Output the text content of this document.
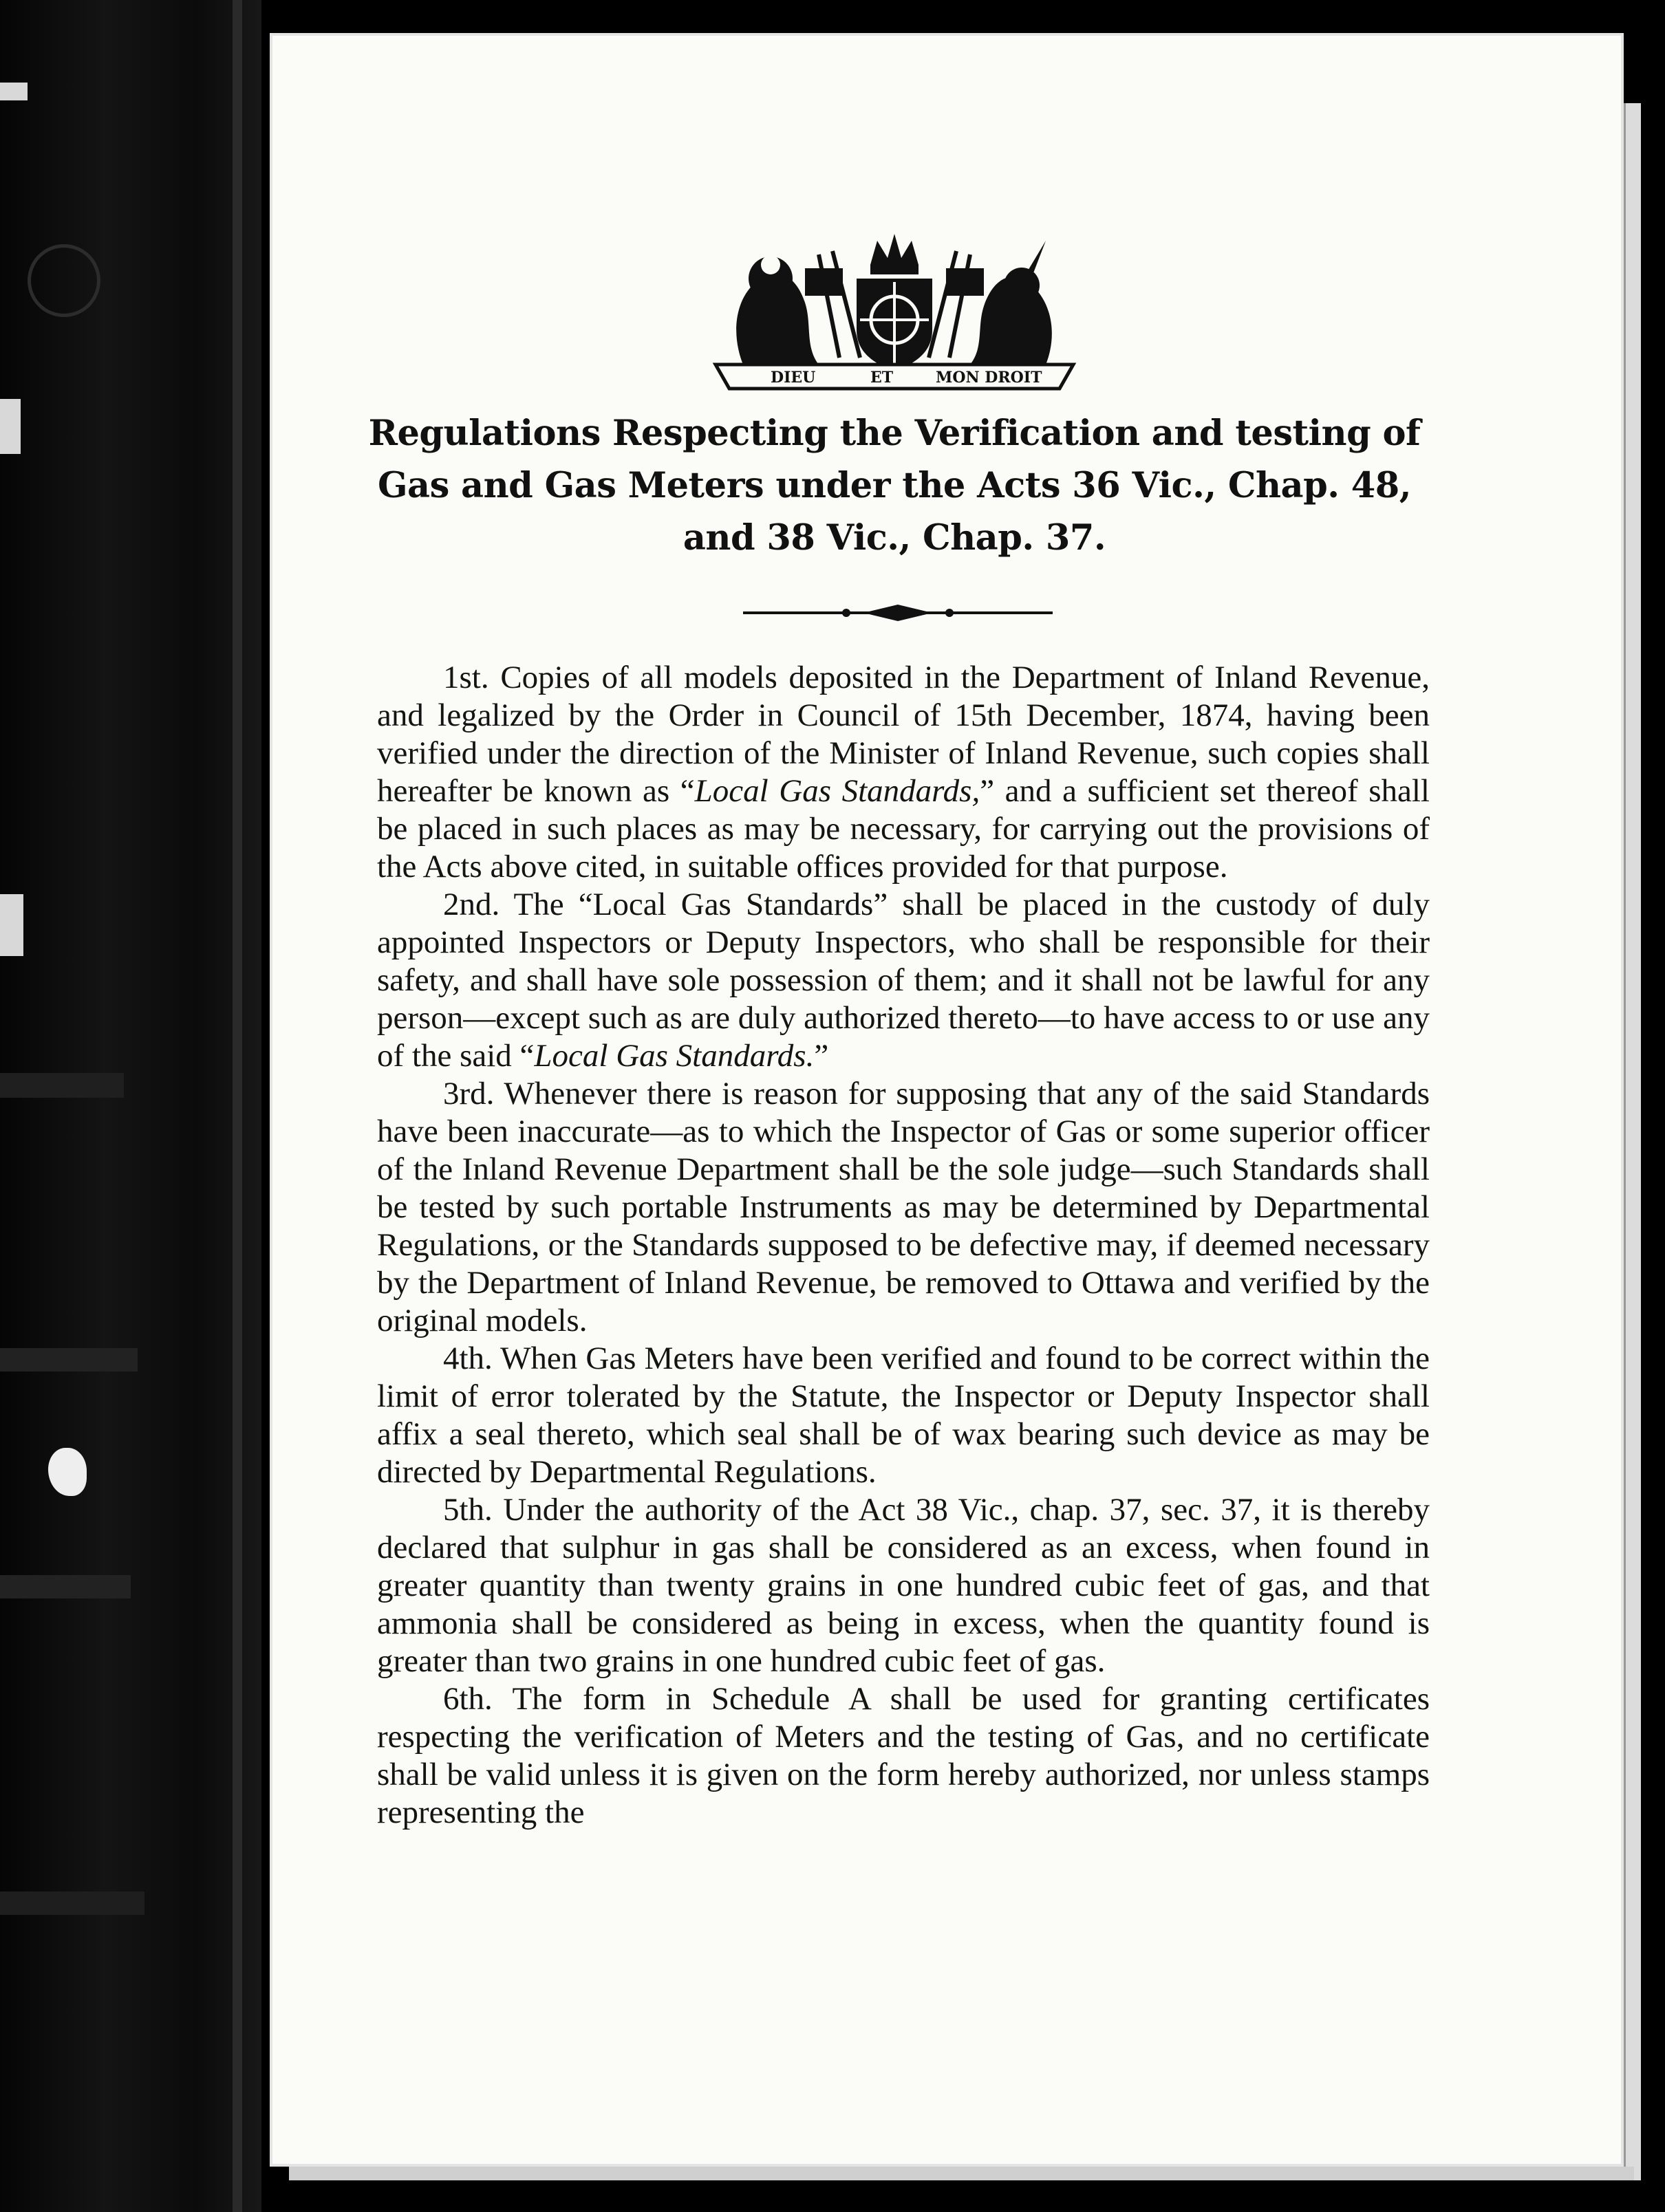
DIEU	ET	MON DROIT
Regulations Respecting the Verification and testing of Gas and Gas Meters under the Acts 36 Vic., Chap. 48, and 38 Vic., Chap. 37.

1st. Copies of all models deposited in the Department of Inland Revenue, and legalized by the Order in Council of 15th December, 1874, having been verified under the direction of the Minister of Inland Revenue, such copies shall hereafter be known as “Local Gas Standards,” and a sufficient set thereof shall be placed in such places as may be necessary, for carrying out the provisions of the Acts above cited, in suitable offices provided for that purpose.

2nd. The “Local Gas Standards” shall be placed in the custody of duly appointed Inspectors or Deputy Inspectors, who shall be responsible for their safety, and shall have sole possession of them; and it shall not be lawful for any person—except such as are duly authorized thereto—to have access to or use any of the said “Local Gas Standards.”

3rd. Whenever there is reason for supposing that any of the said Standards have been inaccurate—as to which the Inspector of Gas or some superior officer of the Inland Revenue Department shall be the sole judge—such Standards shall be tested by such portable Instruments as may be determined by Departmental Regulations, or the Standards supposed to be defective may, if deemed necessary by the Department of Inland Revenue, be removed to Ottawa and verified by the original models.

4th. When Gas Meters have been verified and found to be correct within the limit of error tolerated by the Statute, the Inspector or Deputy Inspector shall affix a seal thereto, which seal shall be of wax bearing such device as may be directed by Departmental Regulations.

5th. Under the authority of the Act 38 Vic., chap. 37, sec. 37, it is thereby declared that sulphur in gas shall be considered as an excess, when found in greater quantity than twenty grains in one hundred cubic feet of gas, and that ammonia shall be considered as being in excess, when the quantity found is greater than two grains in one hundred cubic feet of gas.

6th. The form in Schedule A shall be used for granting certificates respecting the verification of Meters and the testing of Gas, and no certificate shall be valid unless it is given on the form hereby authorized, nor unless stamps representing the
